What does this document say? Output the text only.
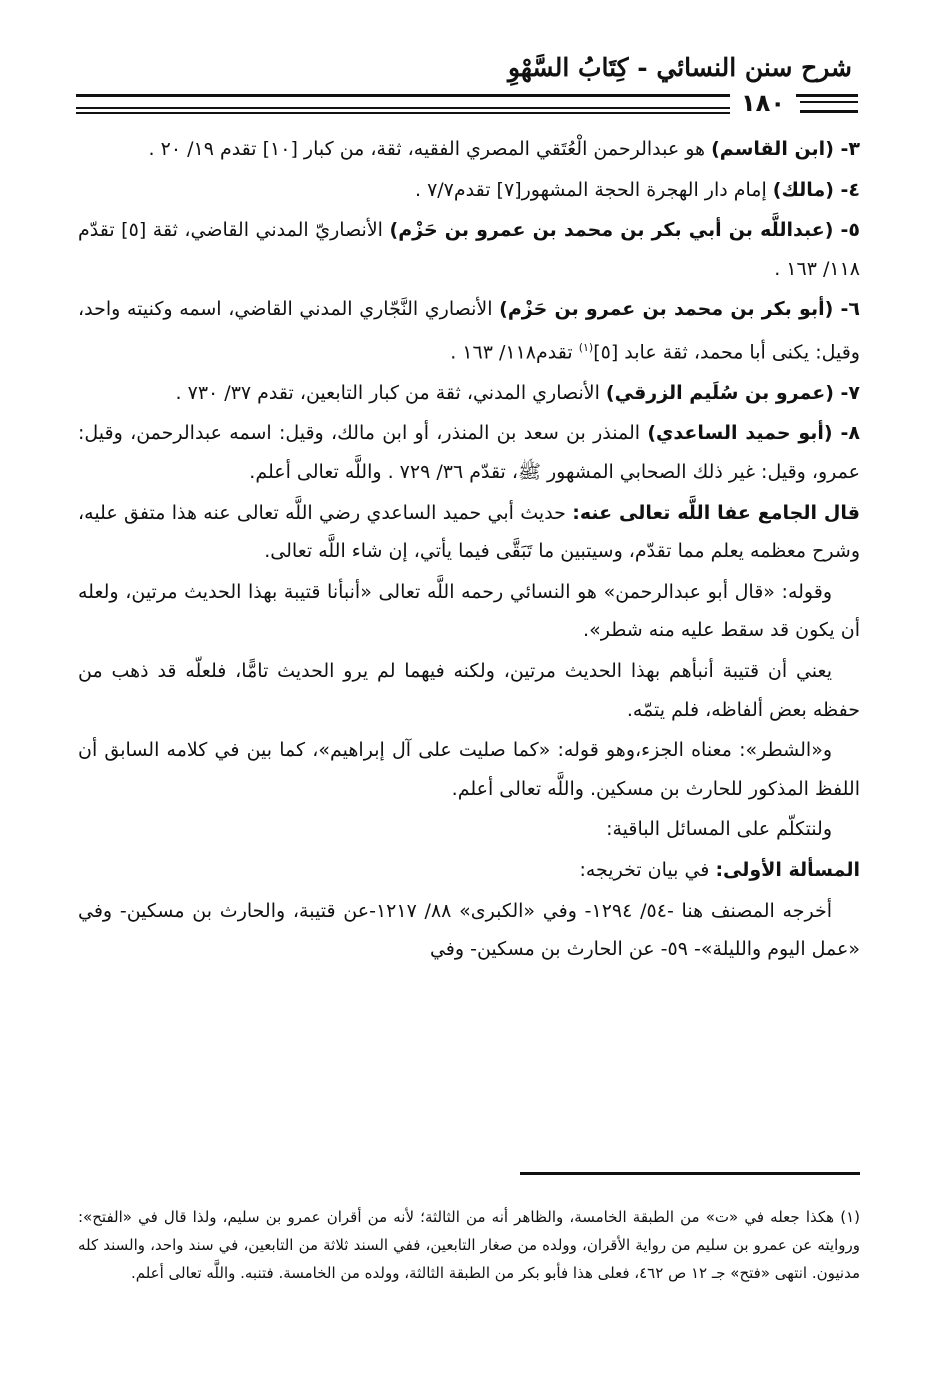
شرح سنن النسائي - كِتَابُ السَّهْوِ
١٨٠

٣- (ابن القاسم) هو عبدالرحمن الْعُتَقي المصري الفقيه، ثقة، من كبار [١٠] تقدم ١٩/ ٢٠ .

٤- (مالك) إمام دار الهجرة الحجة المشهور[٧] تقدم٧/٧ .

٥- (عبداللَّه بن أبي بكر بن محمد بن عمرو بن حَزْم) الأنصاريّ المدني القاضي، ثقة [٥] تقدّم ١١٨/ ١٦٣ .

٦- (أبو بكر بن محمد بن عمرو بن حَزْم) الأنصاري النَّجّاري المدني القاضي، اسمه وكنيته واحد، وقيل: يكنى أبا محمد، ثقة عابد [٥]$^{(١)}$ تقدم١١٨/ ١٦٣ .

٧- (عمرو بن سُلَيم الزرقي) الأنصاري المدني، ثقة من كبار التابعين، تقدم ٣٧/ ٧٣٠ .

٨- (أبو حميد الساعدي) المنذر بن سعد بن المنذر، أو ابن مالك، وقيل: اسمه عبدالرحمن، وقيل: عمرو، وقيل: غير ذلك الصحابي المشهور ﷺ، تقدّم ٣٦/ ٧٢٩ . واللَّه تعالى أعلم.

قال الجامع عفا اللَّه تعالى عنه: حديث أبي حميد الساعدي رضي اللَّه تعالى عنه هذا متفق عليه، وشرح معظمه يعلم مما تقدّم، وسيتبين ما تَبَقَّى فيما يأتي، إن شاء اللَّه تعالى.

وقوله: «قال أبو عبدالرحمن» هو النسائي رحمه اللَّه تعالى «أنبأنا قتيبة بهذا الحديث مرتين، ولعله أن يكون قد سقط عليه منه شطر».

يعني أن قتيبة أنبأهم بهذا الحديث مرتين، ولكنه فيهما لم يرو الحديث تامًّا، فلعلّه قد ذهب من حفظه بعض ألفاظه، فلم يتمّه.

و«الشطر»: معناه الجزء،وهو قوله: «كما صليت على آل إبراهيم»، كما بين في كلامه السابق أن اللفظ المذكور للحارث بن مسكين. واللَّه تعالى أعلم.

ولنتكلّم على المسائل الباقية:

المسألة الأولى: في بيان تخريجه:

أخرجه المصنف هنا -٥٤/ ١٢٩٤- وفي «الكبرى» ٨٨/ ١٢١٧-عن قتيبة، والحارث بن مسكين- وفي «عمل اليوم والليلة»- ٥٩- عن الحارث بن مسكين- وفي

(١) هكذا جعله في «ت» من الطبقة الخامسة، والظاهر أنه من الثالثة؛ لأنه من أقران عمرو بن سليم، ولذا قال في «الفتح»: وروايته عن عمرو بن سليم من رواية الأقران، وولده من صغار التابعين، ففي السند ثلاثة من التابعين، في سند واحد، والسند كله مدنيون. انتهى «فتح» جـ ١٢ ص ٤٦٢، فعلى هذا فأبو بكر من الطبقة الثالثة، وولده من الخامسة. فتنبه. واللَّه تعالى أعلم.
